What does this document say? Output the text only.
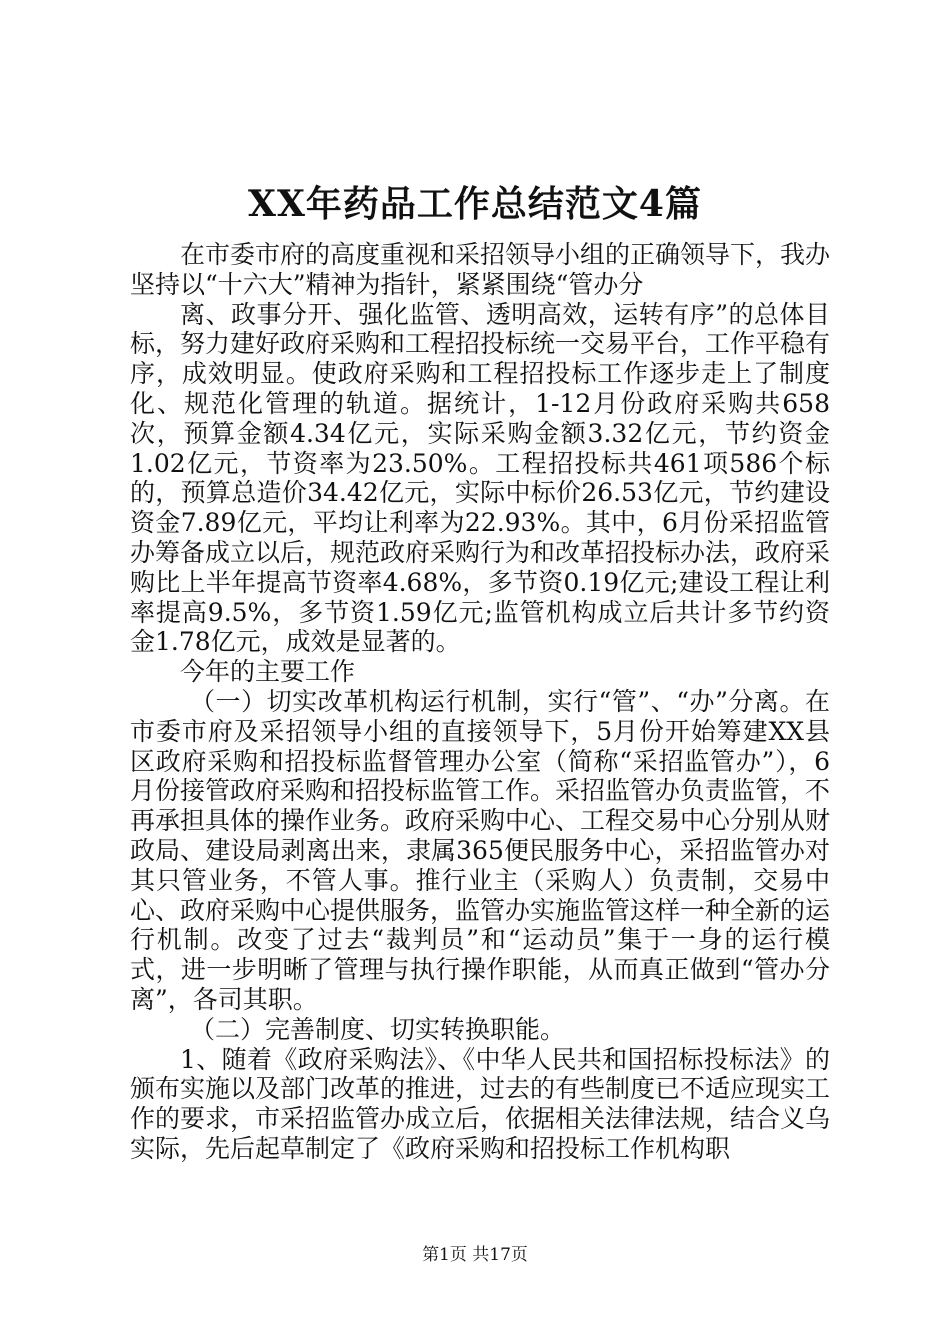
XX年药品工作总结范文4篇

在市委市府的高度重视和采招领导小组的正确领导下，我办坚持以“十六大”精神为指针，紧紧围绕“管办分

离、政事分开、强化监管、透明高效，运转有序”的总体目标，努力建好政府采购和工程招投标统一交易平台，工作平稳有序，成效明显。使政府采购和工程招投标工作逐步走上了制度化、规范化管理的轨道。据统计，1-12月份政府采购共658次，预算金额4.34亿元，实际采购金额3.32亿元，节约资金1.02亿元，节资率为23.50%。工程招投标共461项586个标的，预算总造价34.42亿元，实际中标价26.53亿元，节约建设资金7.89亿元，平均让利率为22.93%。其中，6月份采招监管办筹备成立以后，规范政府采购行为和改革招投标办法，政府采购比上半年提高节资率4.68%，多节资0.19亿元;建设工程让利率提高9.5%，多节资1.59亿元;监管机构成立后共计多节约资金1.78亿元，成效是显著的。

今年的主要工作

（一）切实改革机构运行机制，实行“管”、“办”分离。在市委市府及采招领导小组的直接领导下，5月份开始筹建XX县区政府采购和招投标监督管理办公室（简称“采招监管办”），6月份接管政府采购和招投标监管工作。采招监管办负责监管，不再承担具体的操作业务。政府采购中心、工程交易中心分别从财政局、建设局剥离出来，隶属365便民服务中心，采招监管办对其只管业务，不管人事。推行业主（采购人）负责制，交易中心、政府采购中心提供服务，监管办实施监管这样一种全新的运行机制。改变了过去“裁判员”和“运动员”集于一身的运行模式，进一步明晰了管理与执行操作职能，从而真正做到“管办分离”，各司其职。

（二）完善制度、切实转换职能。

1、随着《政府采购法》、《中华人民共和国招标投标法》的颁布实施以及部门改革的推进，过去的有些制度已不适应现实工作的要求，市采招监管办成立后，依据相关法律法规，结合义乌实际，先后起草制定了《政府采购和招投标工作机构职

第1页 共17页
